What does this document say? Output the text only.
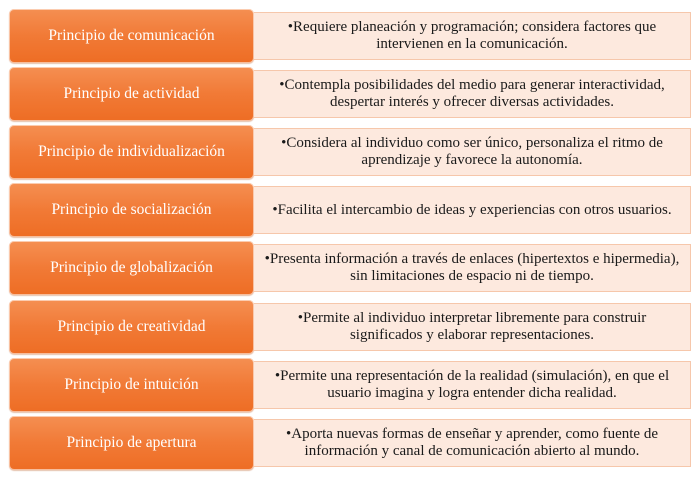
Principio de comunicación	•Requiere planeación y programación; considera factores que intervienen en la comunicación.
Principio de actividad	•Contempla posibilidades del medio para generar interactividad, despertar interés y ofrecer diversas actividades.
Principio de individualización	•Considera al individuo como ser único, personaliza el ritmo de aprendizaje y favorece la autonomía.
Principio de socialización	•Facilita el intercambio de ideas y experiencias con otros usuarios.
Principio de globalización	•Presenta información a través de enlaces (hipertextos e hipermedia), sin limitaciones de espacio ni de tiempo.
Principio de creatividad	•Permite al individuo interpretar libremente para construir significados y elaborar representaciones.
Principio de intuición	•Permite una representación de la realidad (simulación), en que el usuario imagina y logra entender dicha realidad.
Principio de apertura	•Aporta nuevas formas de enseñar y aprender, como fuente de información y canal de comunicación abierto al mundo.
